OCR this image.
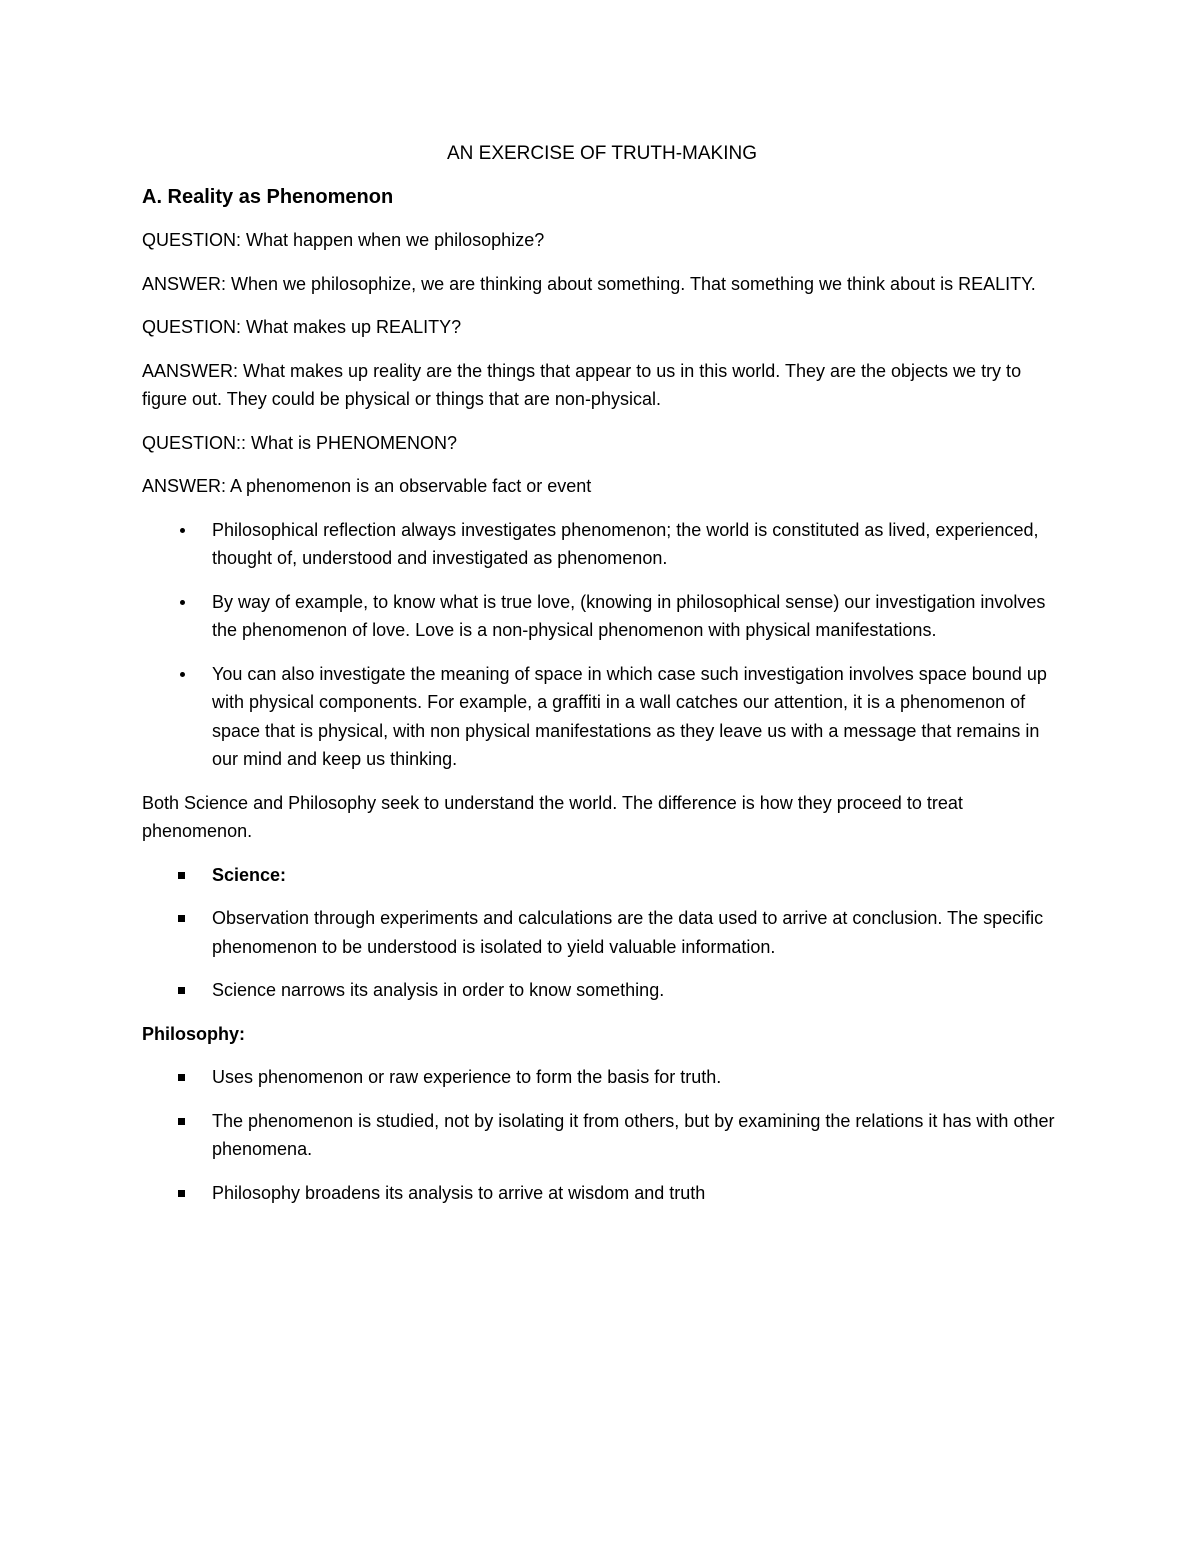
AN EXERCISE OF TRUTH-MAKING
A. Reality as Phenomenon

QUESTION: What happen when we philosophize?

ANSWER: When we philosophize, we are thinking about something. That something we think about is REALITY.

QUESTION: What makes up REALITY?

AANSWER: What makes up reality are the things that appear to us in this world. They are the objects we try to figure out. They could be physical or things that are non-physical.

QUESTION:: What is PHENOMENON?

ANSWER: A phenomenon is an observable fact or event

Philosophical reflection always investigates phenomenon; the world is constituted as lived, experienced, thought of, understood and investigated as phenomenon.
By way of example, to know what is true love, (knowing in philosophical sense) our investigation involves the phenomenon of love. Love is a non-physical phenomenon with physical manifestations.
You can also investigate the meaning of space in which case such investigation involves space bound up with physical components. For example, a graffiti in a wall catches our attention, it is a phenomenon of space that is physical, with non physical manifestations as they leave us with a message that remains in our mind and keep us thinking.

Both Science and Philosophy seek to understand the world. The difference is how they proceed to treat phenomenon.

Science:
Observation through experiments and calculations are the data used to arrive at conclusion. The specific phenomenon to be understood is isolated to yield valuable information.
Science narrows its analysis in order to know something.

Philosophy:

Uses phenomenon or raw experience to form the basis for truth.
The phenomenon is studied, not by isolating it from others, but by examining the relations it has with other phenomena.
Philosophy broadens its analysis to arrive at wisdom and truth
